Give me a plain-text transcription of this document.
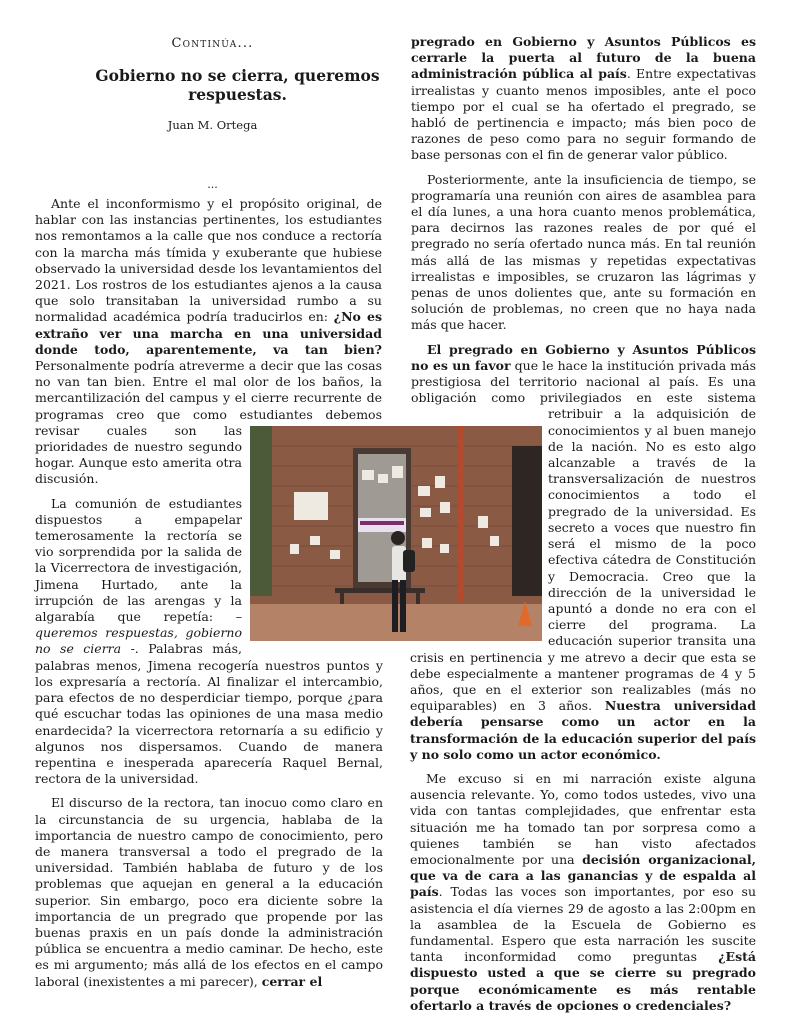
Continúa...
Gobierno no se cierra, queremos respuestas.
Juan M. Ortega
...

Ante el inconformismo y el propósito original, de hablar con las instancias pertinentes, los estudiantes nos remontamos a la calle que nos conduce a rectoría con la marcha más tímida y exuberante que hubiese observado la universidad desde los levantamientos del 2021. Los rostros de los estudiantes ajenos a la causa que solo transitaban la universidad rumbo a su normalidad académica podría traducirlos en: ¿No es extraño ver una marcha en una universidad donde todo, aparentemente, va tan bien? Personalmente podría atreverme a decir que las cosas no van tan bien. Entre el mal olor de los baños, la mercantilización del campus y el cierre recurrente de programas creo que como estudiantes debemos revisar cuales son las prioridades de nuestro segundo hogar. Aunque esto amerita otra discusión.

La comunión de estudiantes dispuestos a empapelar temerosamente la rectoría se vio sorprendida por la salida de la Vicerrectora de investigación, Jimena Hurtado, ante la irrupción de las arengas y la algarabía que repetía: – queremos respuestas, gobierno no se cierra -. Palabras más, palabras menos, Jimena recogería nuestros puntos y los expresaría a rectoría. Al finalizar el intercambio, para efectos de no desperdiciar tiempo, porque ¿para qué escuchar todas las opiniones de una masa medio enardecida? la vicerrectora retornaría a su edificio y algunos nos dispersamos. Cuando de manera repentina e inesperada aparecería Raquel Bernal, rectora de la universidad.

El discurso de la rectora, tan inocuo como claro en la circunstancia de su urgencia, hablaba de la importancia de nuestro campo de conocimiento, pero de manera transversal a todo el pregrado de la universidad. También hablaba de futuro y de los problemas que aquejan en general a la educación superior. Sin embargo, poco era diciente sobre la importancia de un pregrado que propende por las buenas praxis en un país donde la administración pública se encuentra a medio caminar. De hecho, este es mi argumento; más allá de los efectos en el campo laboral (inexistentes a mi parecer), cerrar el

pregrado en Gobierno y Asuntos Públicos es cerrarle la puerta al futuro de la buena administración pública al país. Entre expectativas irrealistas y cuanto menos imposibles, ante el poco tiempo por el cual se ha ofertado el pregrado, se habló de pertinencia e impacto; más bien poco de razones de peso como para no seguir formando de base personas con el fin de generar valor público.

Posteriormente, ante la insuficiencia de tiempo, se programaría una reunión con aires de asamblea para el día lunes, a una hora cuanto menos problemática, para decirnos las razones reales de por qué el pregrado no sería ofertado nunca más. En tal reunión más allá de las mismas y repetidas expectativas irrealistas e imposibles, se cruzaron las lágrimas y penas de unos dolientes que, ante su formación en solución de problemas, no creen que no haya nada más que hacer.

El pregrado en Gobierno y Asuntos Públicos no es un favor que le hace la institución privada más prestigiosa del territorio nacional al país. Es una obligación como privilegiados en este sistema retribuir a la adquisición de conocimientos y al buen manejo de la nación. No es esto algo alcanzable a través de la transversalización de nuestros conocimientos a todo el pregrado de la universidad. Es secreto a voces que nuestro fin será el mismo de la poco efectiva cátedra de Constitución y Democracia. Creo que la dirección de la universidad le apuntó a donde no era con el cierre del programa. La educación superior transita una crisis en pertinencia y me atrevo a decir que esta se debe especialmente a mantener programas de 4 y 5 años, que en el exterior son realizables (más no equiparables) en 3 años. Nuestra universidad debería pensarse como un actor en la transformación de la educación superior del país y no solo como un actor económico.

Me excuso si en mi narración existe alguna ausencia relevante. Yo, como todos ustedes, vivo una vida con tantas complejidades, que enfrentar esta situación me ha tomado tan por sorpresa como a quienes también se han visto afectados emocionalmente por una decisión organizacional, que va de cara a las ganancias y de espalda al país. Todas las voces son importantes, por eso su asistencia el día viernes 29 de agosto a las 2:00pm en la asamblea de la Escuela de Gobierno es fundamental. Espero que esta narración les suscite tanta inconformidad como preguntas ¿Está dispuesto usted a que se cierre su pregrado porque económicamente es más rentable ofertarlo a través de opciones o credenciales?
